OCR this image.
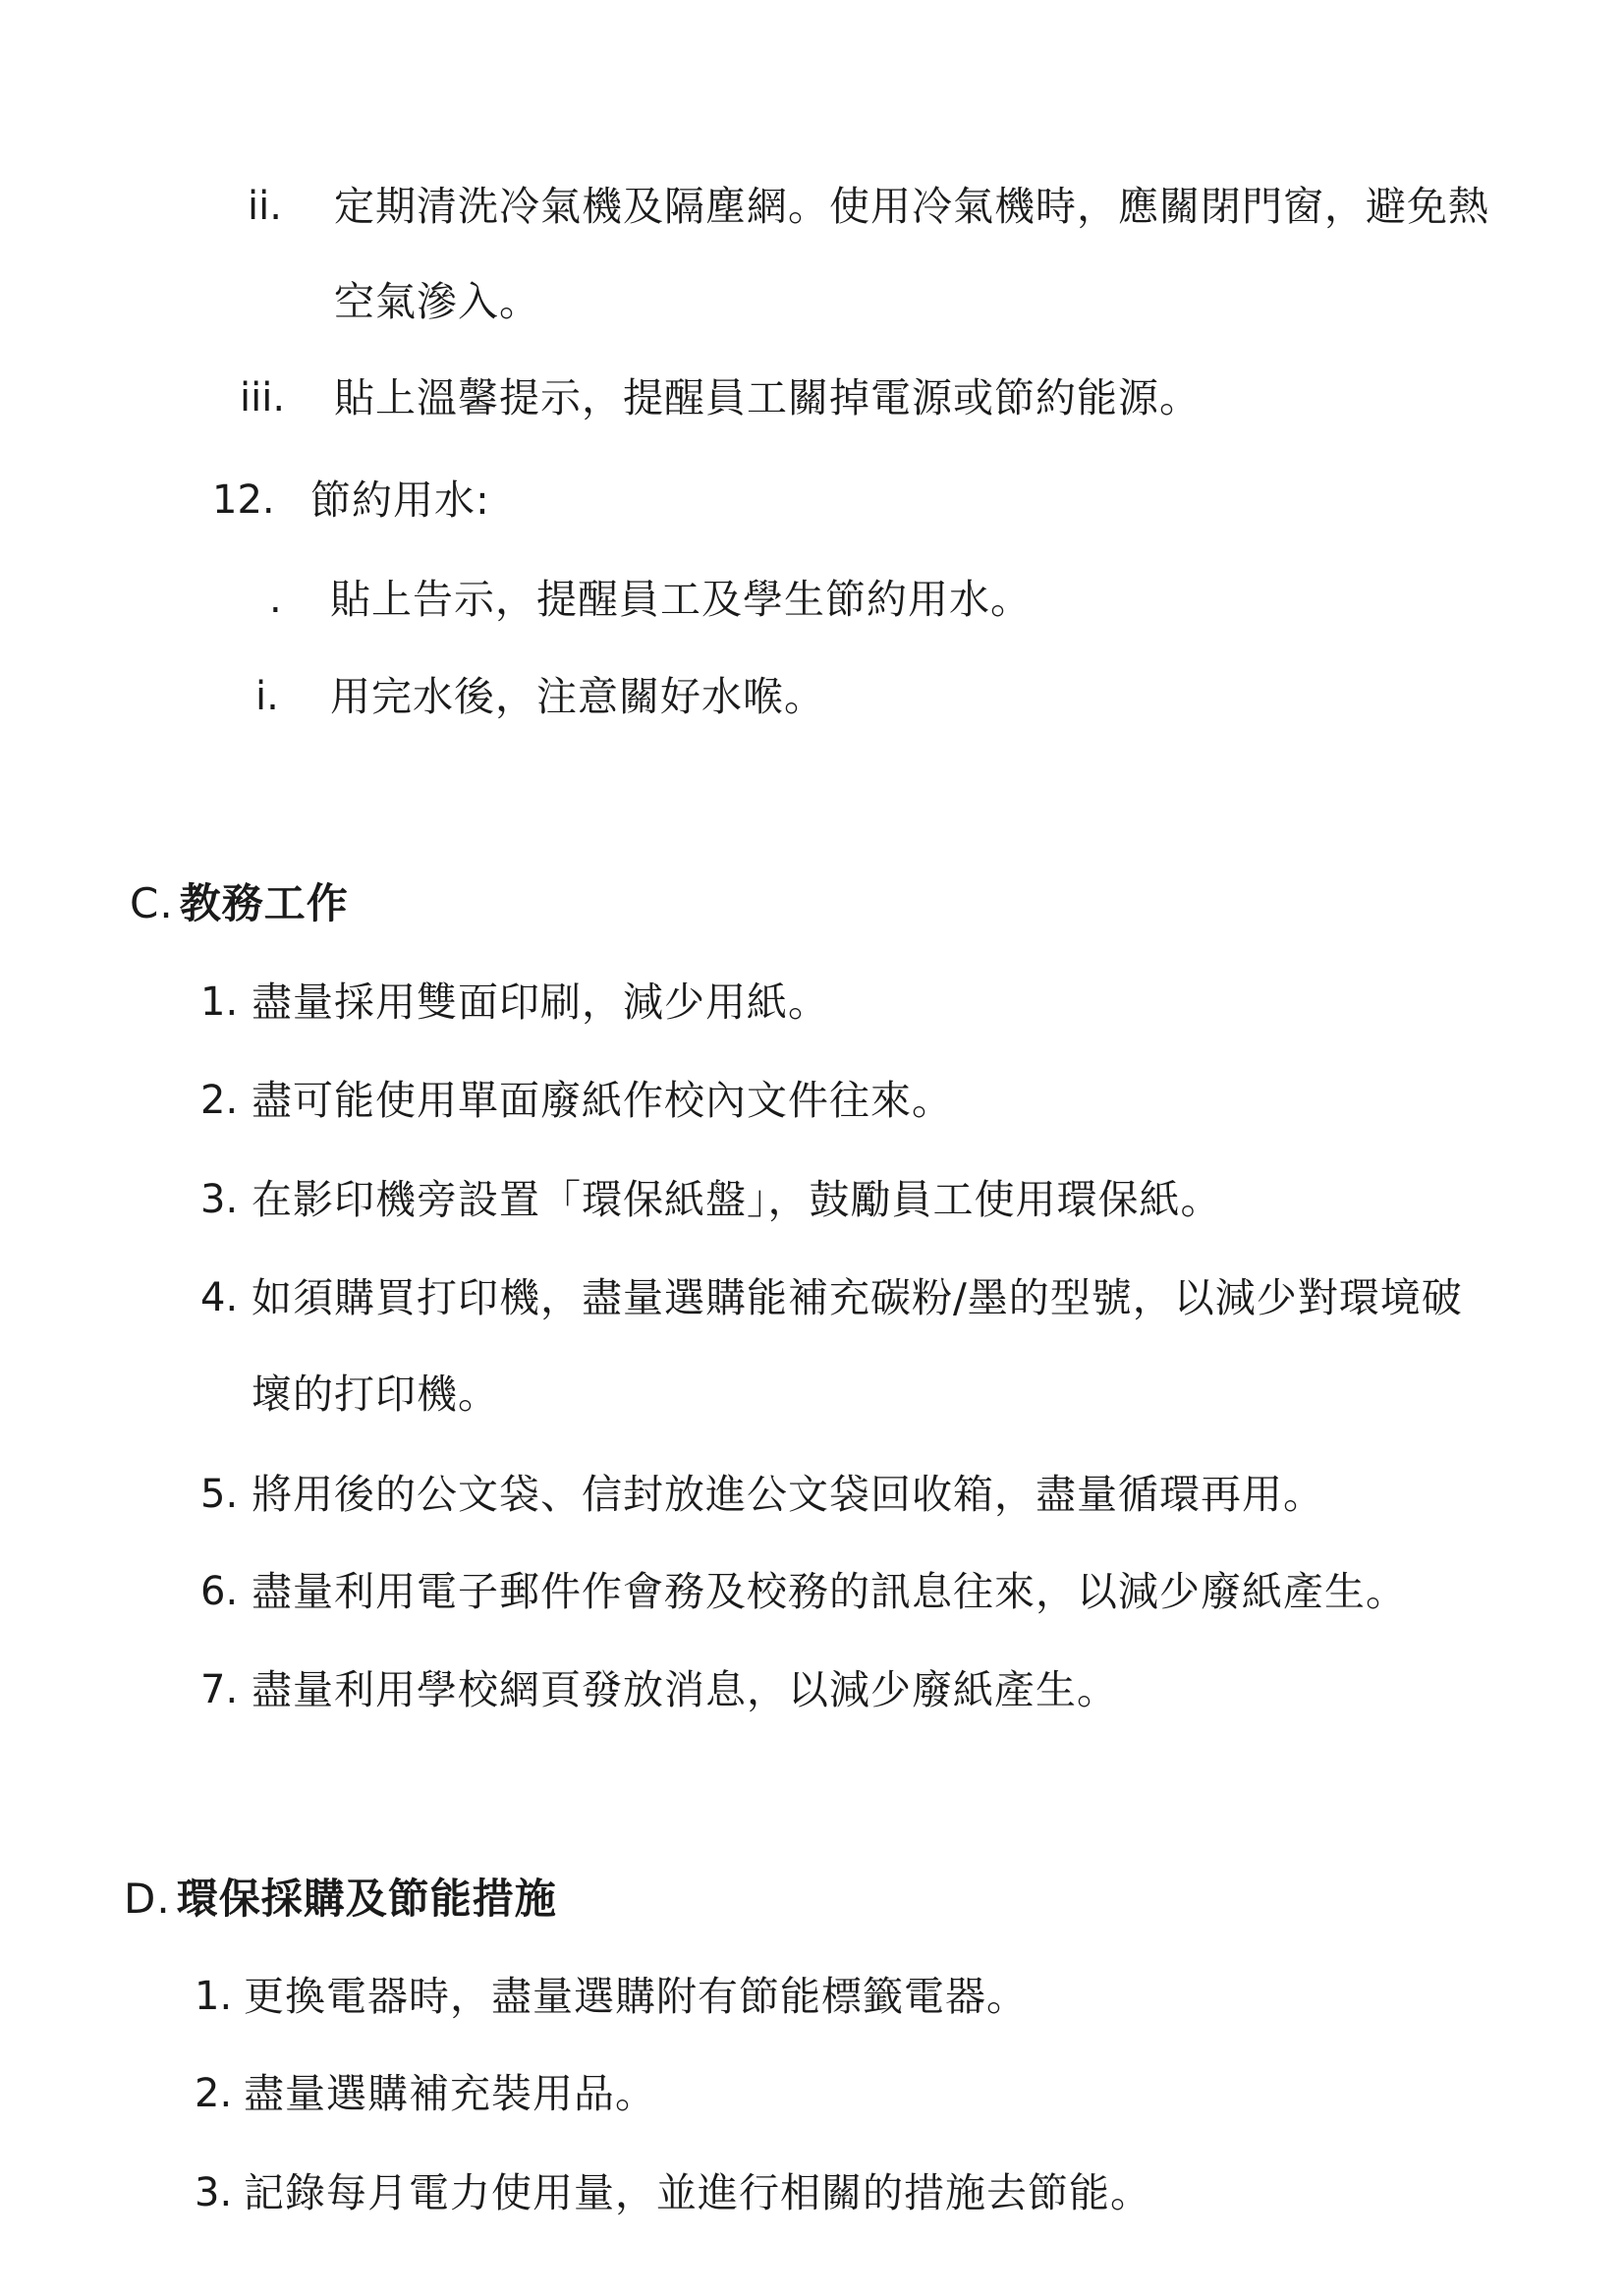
ii. 定期清洗冷氣機及隔塵網。使用冷氣機時，應關閉門窗，避免熱
空氣滲入。
iii. 貼上溫馨提示，提醒員工關掉電源或節約能源。
12. 節約用水:
. 貼上告示，提醒員工及學生節約用水。
i. 用完水後，注意關好水喉。
C. 教務工作
1. 盡量採用雙面印刷，減少用紙。
2. 盡可能使用單面廢紙作校內文件往來。
3. 在影印機旁設置「環保紙盤」，鼓勵員工使用環保紙。
4. 如須購買打印機，盡量選購能補充碳粉/墨的型號，以減少對環境破
壞的打印機。
5. 將用後的公文袋、信封放進公文袋回收箱，盡量循環再用。
6. 盡量利用電子郵件作會務及校務的訊息往來，以減少廢紙產生。
7. 盡量利用學校網頁發放消息，以減少廢紙產生。
D. 環保採購及節能措施
1. 更換電器時，盡量選購附有節能標籤電器。
2. 盡量選購補充裝用品。
3. 記錄每月電力使用量，並進行相關的措施去節能。
